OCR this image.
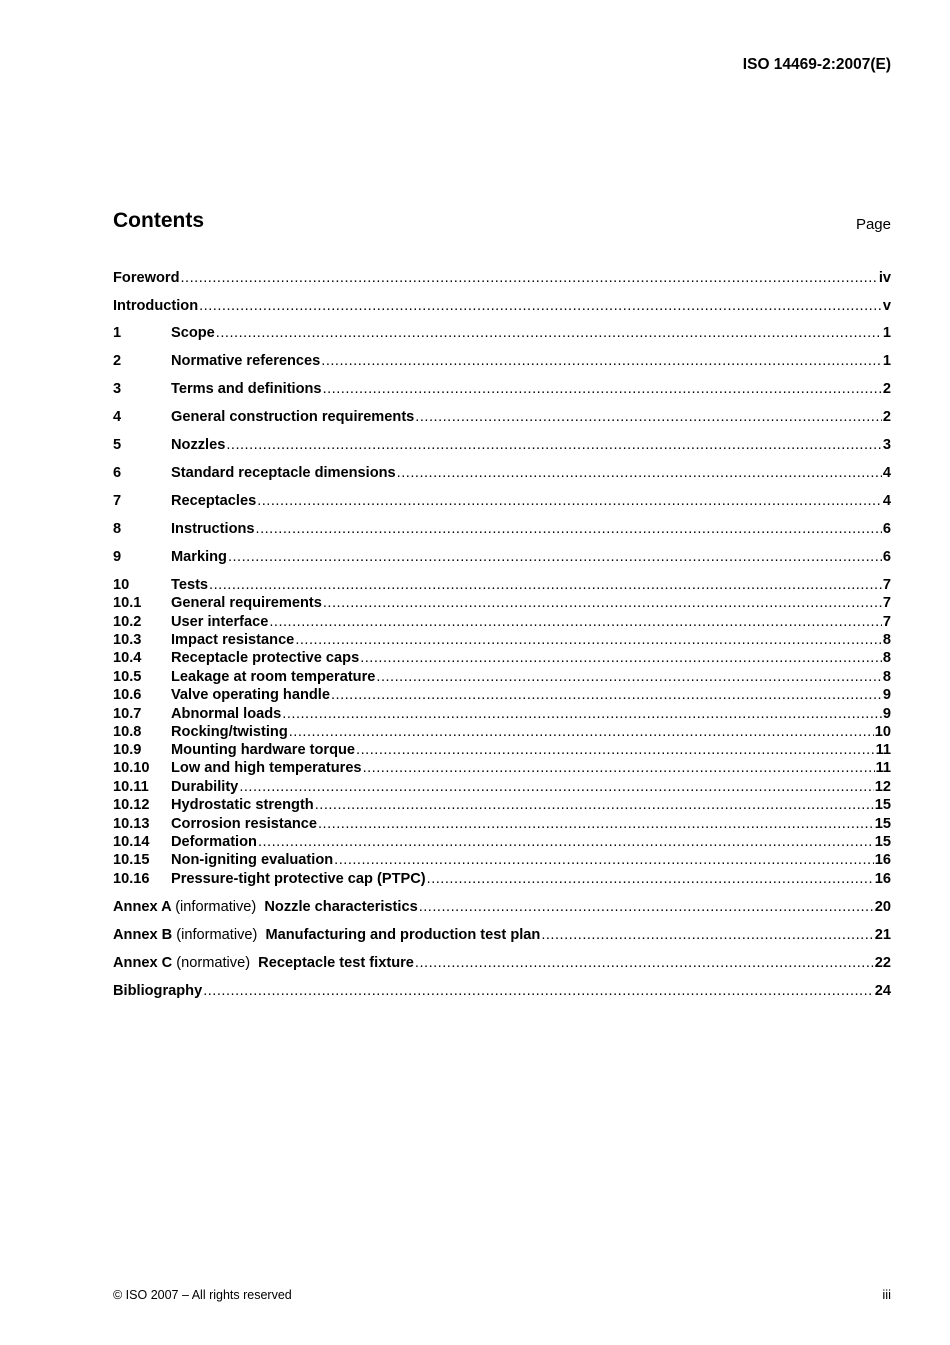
ISO 14469-2:2007(E)
Contents	Page
Foreword .....	iv
Introduction .....	v
1	Scope .....	1
2	Normative references .....	1
3	Terms and definitions .....	2
4	General construction requirements .....	2
5	Nozzles .....	3
6	Standard receptacle dimensions .....	4
7	Receptacles .....	4
8	Instructions .....	6
9	Marking .....	6
10	Tests .....	7
10.1	General requirements .....	7
10.2	User interface .....	7
10.3	Impact resistance .....	8
10.4	Receptacle protective caps .....	8
10.5	Leakage at room temperature .....	8
10.6	Valve operating handle .....	9
10.7	Abnormal loads .....	9
10.8	Rocking/twisting .....	10
10.9	Mounting hardware torque .....	11
10.10	Low and high temperatures .....	11
10.11	Durability .....	12
10.12	Hydrostatic strength .....	15
10.13	Corrosion resistance .....	15
10.14	Deformation .....	15
10.15	Non-igniting evaluation .....	16
10.16	Pressure-tight protective cap (PTPC) .....	16
Annex A (informative) Nozzle characteristics .....	20
Annex B (informative) Manufacturing and production test plan .....	21
Annex C (normative) Receptacle test fixture .....	22
Bibliography .....	24
© ISO 2007 – All rights reserved	iii
